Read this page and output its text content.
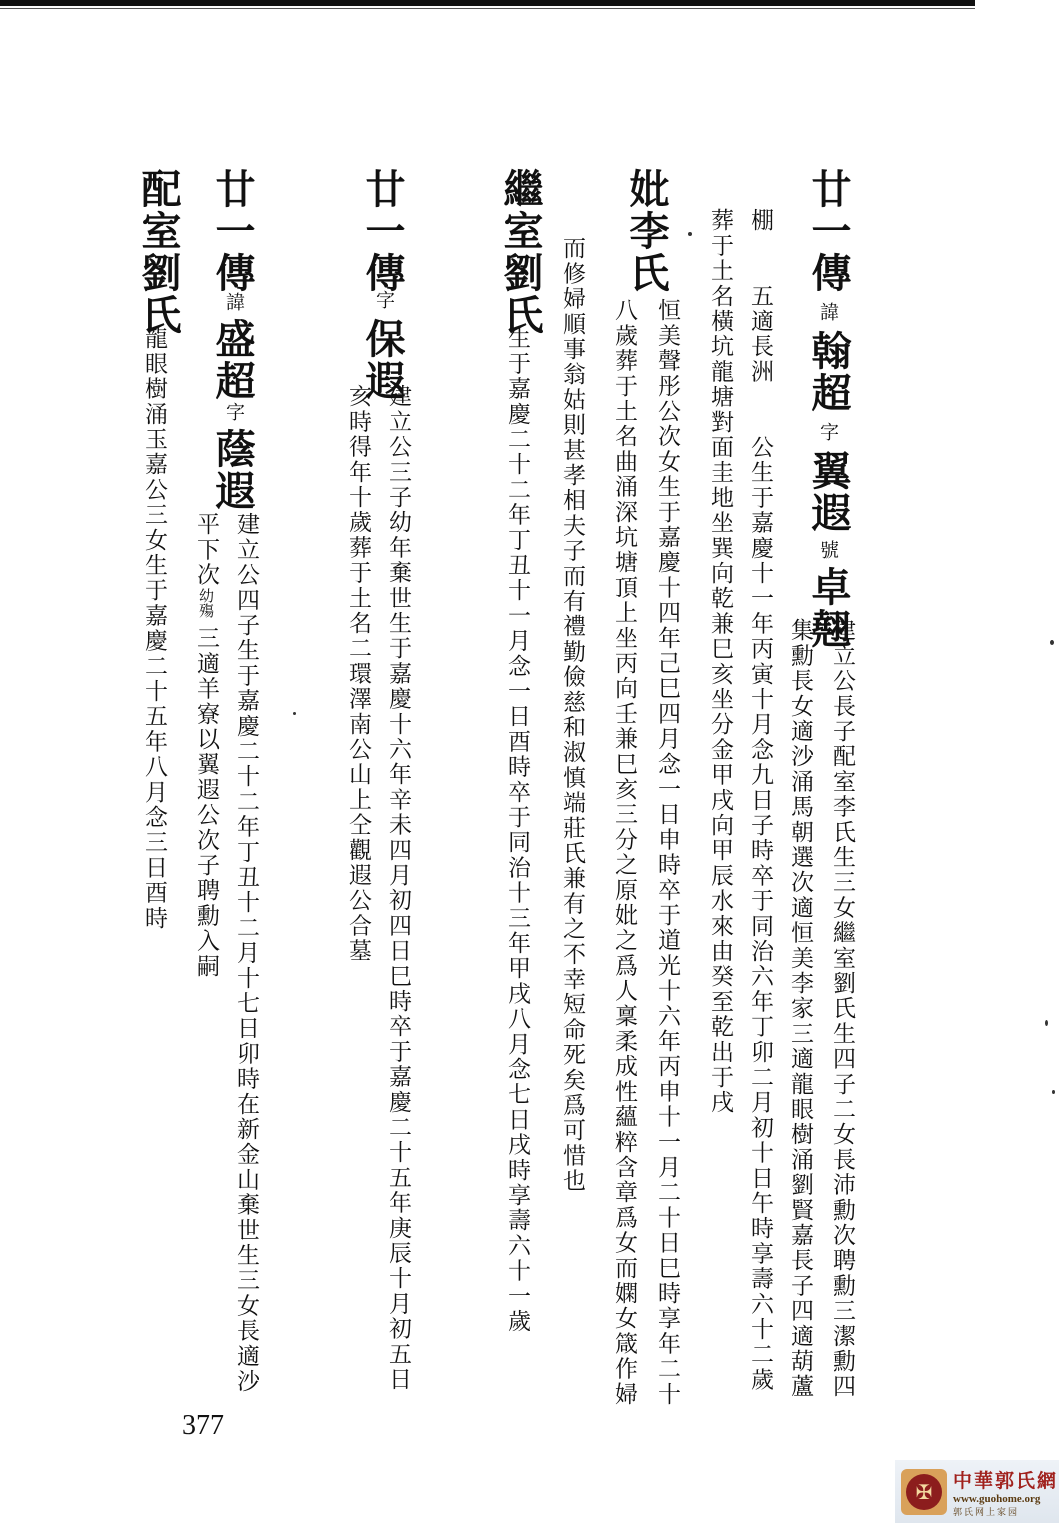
廿一傳
諱
翰超
字
翼遐
號
卓翹
建立公長子配室李氏生三女繼室劉氏生四子二女長沛勳次聘勳三潔勳四
集勳長女適沙涌馬朝選次適恒美李家三適龍眼樹涌劉賢嘉長子四適葫蘆
棚　　五適長洲　　公生于嘉慶十一年丙寅十月念九日子時卒于同治六年丁卯二月初十日午時享壽六十二歲
葬于土名橫坑龍塘對面圭地坐巽向乾兼巳亥坐分金甲戌向甲辰水來由癸至乾出于戌
妣李氏
恒美聲彤公次女生于嘉慶十四年己巳四月念一日申時卒于道光十六年丙申十一月二十日巳時享年二十
八歲葬于土名曲涌深坑塘頂上坐丙向壬兼巳亥三分之原妣之爲人稟柔成性蘊粹含章爲女而嫻女箴作婦
繼室劉氏
生于嘉慶二十二年丁丑十一月念一日酉時卒于同治十三年甲戌八月念七日戌時享壽六十一歲 而修婦順事翁姑則甚孝相夫子而有禮勤儉慈和淑慎端莊氏兼有之不幸短命死矣爲可惜也
廿一傳
字
保遐
建立公三子幼年棄世生于嘉慶十六年辛未四月初四日巳時卒于嘉慶二十五年庚辰十月初五日
亥時得年十歲葬于土名二環澤南公山上仝觀遐公合墓
廿一傳
諱
盛超
字
蔭遐
建立公四子生于嘉慶二十二年丁丑十二月十七日卯時在新金山棄世生三女長適沙
平下次
幼殤
三適羊寮以翼遐公次子聘勳入嗣
配室劉氏
龍眼樹涌玉嘉公三女生于嘉慶二十五年八月念三日酉時
377
✠	中華郭氏網
www.guohome.org
郭氏网上家园
